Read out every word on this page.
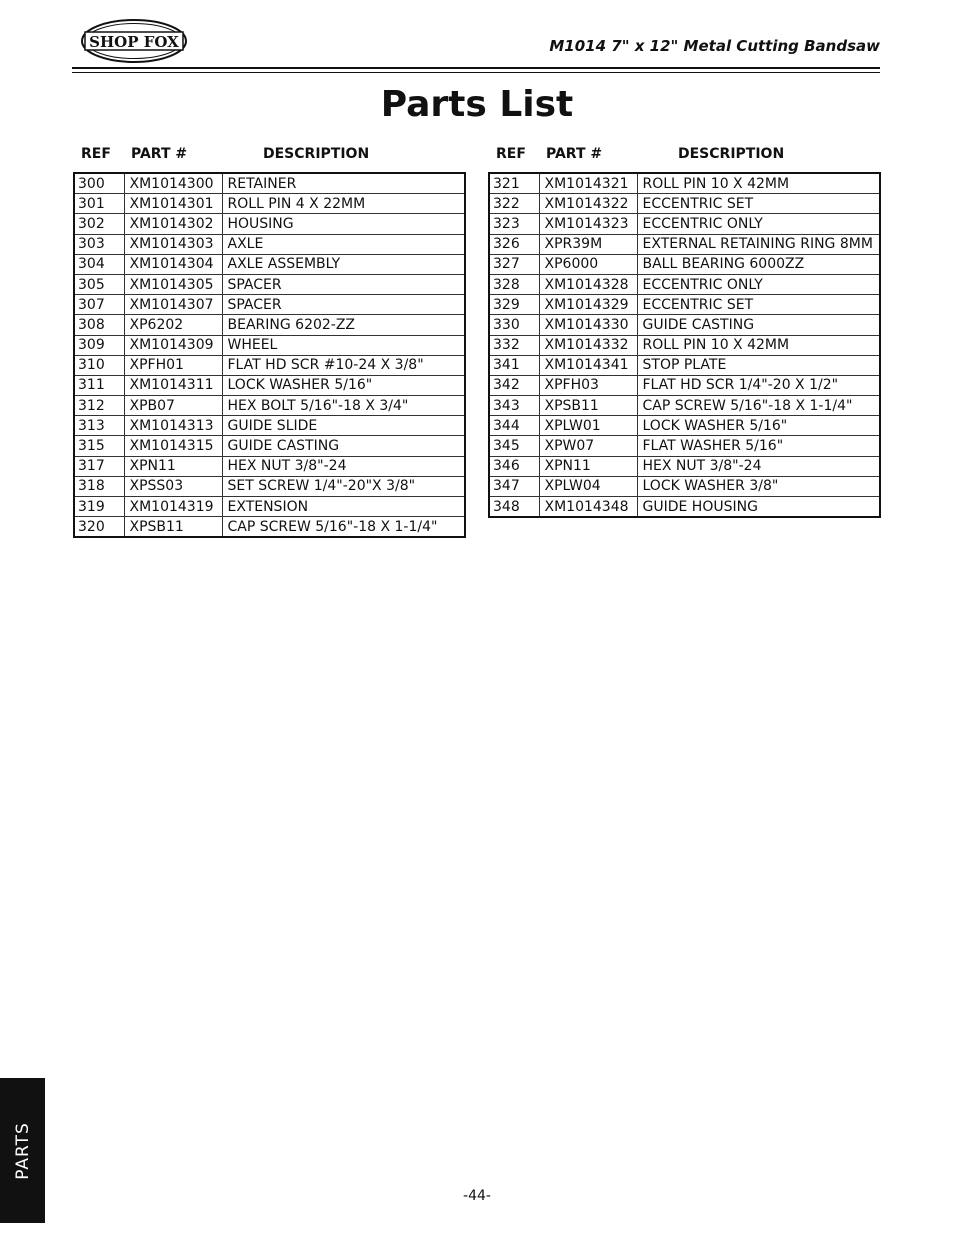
SHOP FOX	M1014 7" x 12" Metal Cutting Bandsaw
Parts List
REF PART #	DESCRIPTION	REF PART #	DESCRIPTION
300	XM1014300	RETAINER
301	XM1014301	ROLL PIN 4 X 22MM
302	XM1014302	HOUSING
303	XM1014303	AXLE
304	XM1014304	AXLE ASSEMBLY
305	XM1014305	SPACER
307	XM1014307	SPACER
308	XP6202	BEARING 6202-ZZ
309	XM1014309	WHEEL
310	XPFH01	FLAT HD SCR #10-24 X 3/8"
311	XM1014311	LOCK WASHER 5/16"
312	XPB07	HEX BOLT 5/16"-18 X 3/4"
313	XM1014313	GUIDE SLIDE
315	XM1014315	GUIDE CASTING
317	XPN11	HEX NUT 3/8"-24
318	XPSS03	SET SCREW 1/4"-20"X 3/8"
319	XM1014319	EXTENSION
320	XPSB11	CAP SCREW 5/16"-18 X 1-1/4"
321	XM1014321	ROLL PIN 10 X 42MM
322	XM1014322	ECCENTRIC SET
323	XM1014323	ECCENTRIC ONLY
326	XPR39M	EXTERNAL RETAINING RING 8MM
327	XP6000	BALL BEARING 6000ZZ
328	XM1014328	ECCENTRIC ONLY
329	XM1014329	ECCENTRIC SET
330	XM1014330	GUIDE CASTING
332	XM1014332	ROLL PIN 10 X 42MM
341	XM1014341	STOP PLATE
342	XPFH03	FLAT HD SCR 1/4"-20 X 1/2"
343	XPSB11	CAP SCREW 5/16"-18 X 1-1/4"
344	XPLW01	LOCK WASHER 5/16"
345	XPW07	FLAT WASHER 5/16"
346	XPN11	HEX NUT 3/8"-24
347	XPLW04	LOCK WASHER 3/8"
348	XM1014348	GUIDE HOUSING
PARTS
-44-
